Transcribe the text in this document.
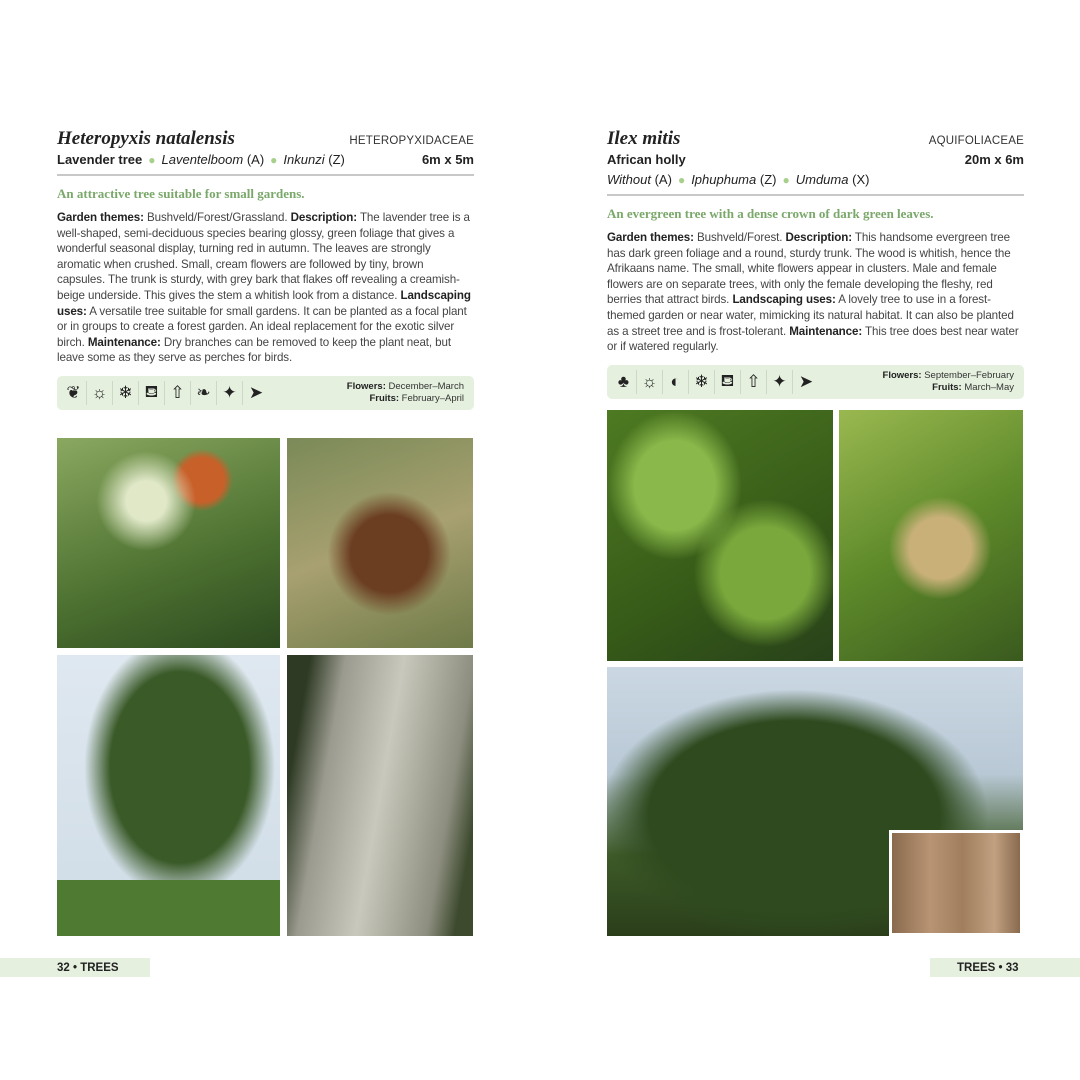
Heteropyxis natalensis	HETEROPYXIDACEAE
Lavender tree ● Laventelboom (A) ● Inkunzi (Z)	6m x 5m
An attractive tree suitable for small gardens.
Garden themes: Bushveld/Forest/Grassland. Description: The lavender tree is a well-shaped, semi-deciduous species bearing glossy, green foliage that gives a wonderful seasonal display, turning red in autumn. The leaves are strongly aromatic when crushed. Small, cream flowers are followed by tiny, brown capsules. The trunk is sturdy, with grey bark that flakes off revealing a creamish-beige underside. This gives the stem a whitish look from a distance. Landscaping uses: A versatile tree suitable for small gardens. It can be planted as a focal plant or in groups to create a forest garden. An ideal replacement for the exotic silver birch. Maintenance: Dry branches can be removed to keep the plant neat, but leave some as they serve as perches for birds.
❦ ☼ ❄ ⛾ ⇧ ❧ ✦ ➤	Flowers: December–March
Fruits: February–April
32 • TREES
Ilex mitis	AQUIFOLIACEAE
African holly	20m x 6m
Without (A) ● Iphuphuma (Z) ● Umduma (X)
An evergreen tree with a dense crown of dark green leaves.
Garden themes: Bushveld/Forest. Description: This handsome evergreen tree has dark green foliage and a round, sturdy trunk. The wood is whitish, hence the Afrikaans name. The small, white flowers appear in clusters. Male and female flowers are on separate trees, with only the female developing the fleshy, red berries that attract birds. Landscaping uses: A lovely tree to use in a forest-themed garden or near water, mimicking its natural habitat. It can also be planted as a street tree and is frost-tolerant. Maintenance: This tree does best near water or if watered regularly.
♣ ☼ ◐ ❄ ⛾ ⇧ ✦ ➤	Flowers: September–February
Fruits: March–May
TREES • 33
